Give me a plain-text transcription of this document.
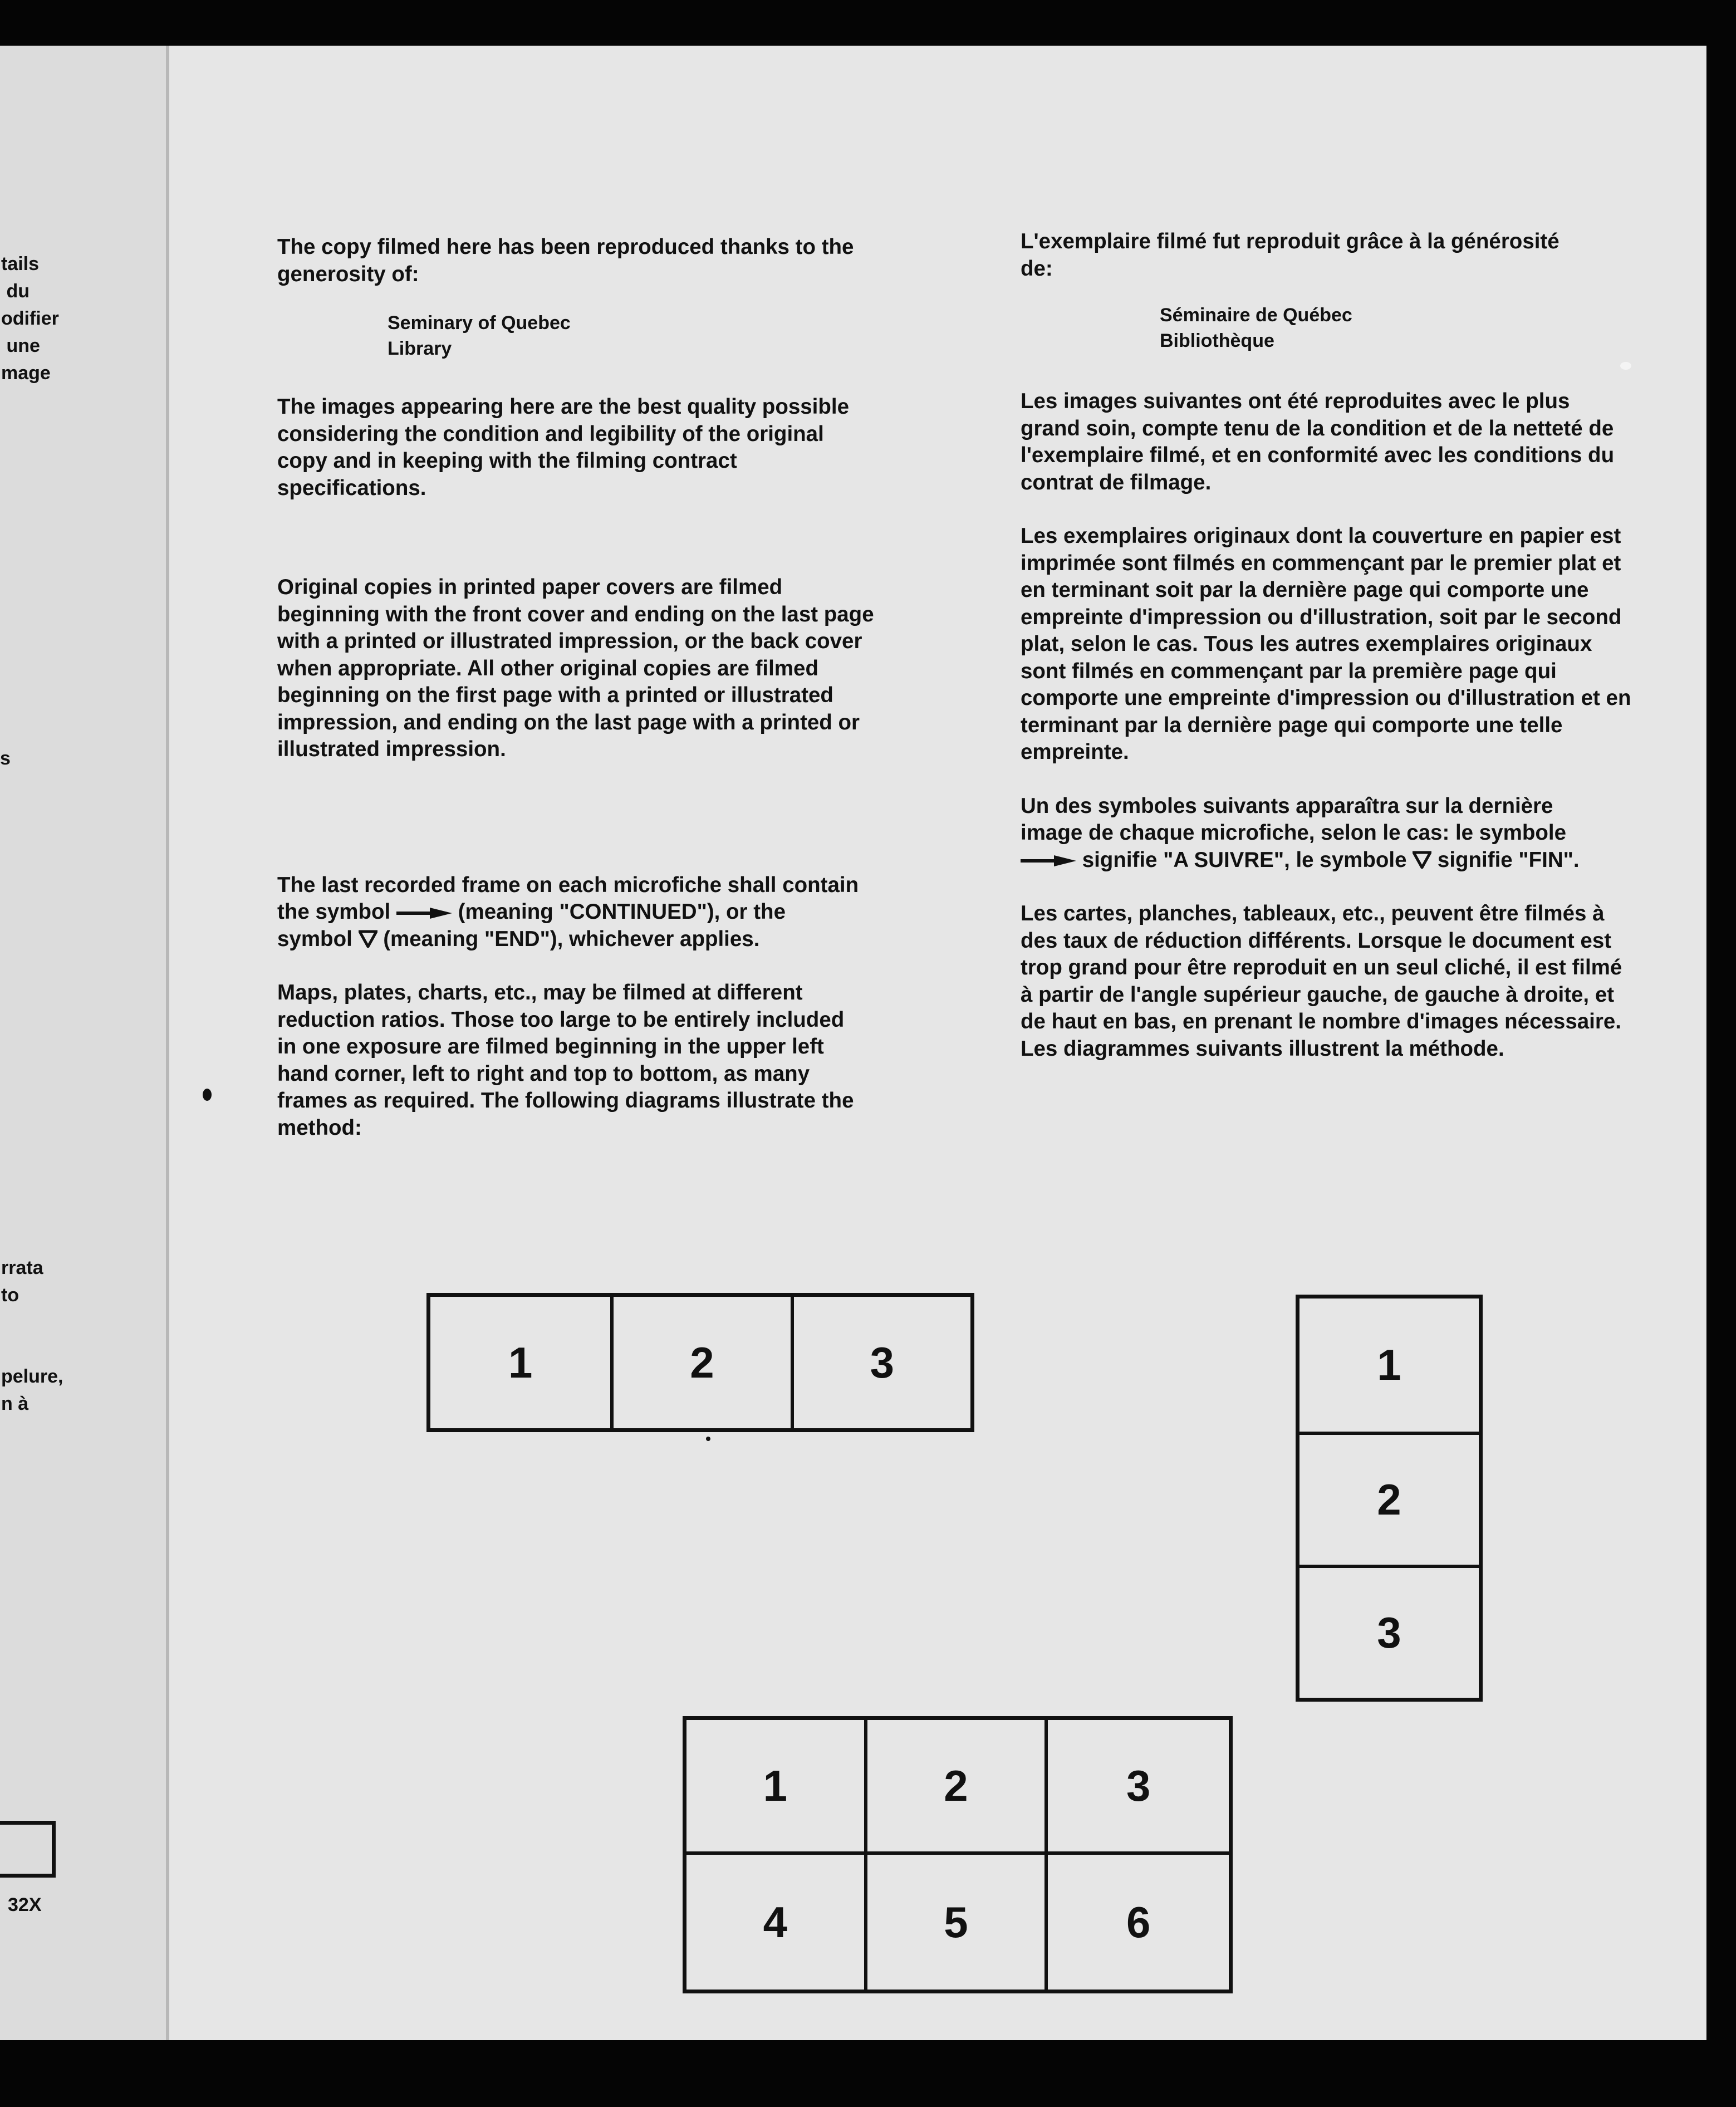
tails
du
odifier
une
mage
s
rrata
to
pelure,
n à
32X

The copy filmed here has been reproduced thanks to the generosity of:

Seminary of Quebec

Library

The images appearing here are the best quality possible considering the condition and legibility of the original copy and in keeping with the filming contract specifications.

Original copies in printed paper covers are filmed beginning with the front cover and ending on the last page with a printed or illustrated impression, or the back cover when appropriate. All other original copies are filmed beginning on the first page with a printed or illustrated impression, and ending on the last page with a printed or illustrated impression.

The last recorded frame on each microfiche shall contain the symbol	(meaning "CONTINUED"), or the symbol (meaning "END"), whichever applies.

Maps, plates, charts, etc., may be filmed at different reduction ratios. Those too large to be entirely included in one exposure are filmed beginning in the upper left hand corner, left to right and top to bottom, as many frames as required. The following diagrams illustrate the method:

L'exemplaire filmé fut reproduit grâce à la générosité de:

Séminaire de Québec

Bibliothèque

Les images suivantes ont été reproduites avec le plus grand soin, compte tenu de la condition et de la netteté de l'exemplaire filmé, et en conformité avec les conditions du contrat de filmage.

Les exemplaires originaux dont la couverture en papier est imprimée sont filmés en commençant par le premier plat et en terminant soit par la dernière page qui comporte une empreinte d'impression ou d'illustration, soit par le second plat, selon le cas. Tous les autres exemplaires originaux sont filmés en commençant par la première page qui comporte une empreinte d'impression ou d'illustration et en terminant par la dernière page qui comporte une telle empreinte.

Un des symboles suivants apparaîtra sur la dernière image de chaque microfiche, selon le cas: le symbole  signifie "A SUIVRE", le symbole signifie "FIN".

Les cartes, planches, tableaux, etc., peuvent être filmés à des taux de réduction différents. Lorsque le document est trop grand pour être reproduit en un seul cliché, il est filmé à partir de l'angle supérieur gauche, de gauche à droite, et de haut en bas, en prenant le nombre d'images nécessaire. Les diagrammes suivants illustrent la méthode.

1	2	3	1
2
3
1	2	3
4	5	6
